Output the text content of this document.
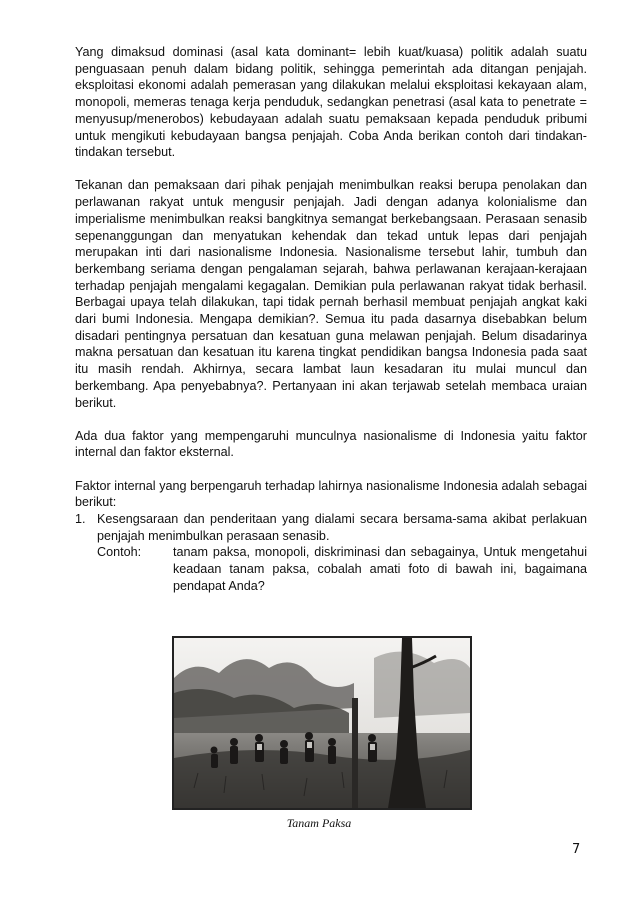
Yang dimaksud dominasi (asal kata dominant= lebih kuat/kuasa) politik adalah suatu penguasaan penuh dalam bidang politik, sehingga pemerintah ada ditangan penjajah. eksploitasi ekonomi adalah pemerasan yang dilakukan melalui eksploitasi kekayaan alam, monopoli, memeras tenaga kerja penduduk, sedangkan penetrasi (asal kata to penetrate = menyusup/menerobos) kebudayaan adalah suatu pemaksaan kepada penduduk pribumi untuk mengikuti kebudayaan bangsa penjajah. Coba Anda berikan contoh dari tindakan-tindakan tersebut.

Tekanan dan pemaksaan dari pihak penjajah menimbulkan reaksi berupa penolakan dan perlawanan rakyat untuk mengusir penjajah. Jadi dengan adanya kolonialisme dan imperialisme menimbulkan reaksi bangkitnya semangat berkebangsaan. Perasaan senasib sepenanggungan dan menyatukan kehendak dan tekad untuk lepas dari penjajah merupakan inti dari nasionalisme Indonesia. Nasionalisme tersebut lahir, tumbuh dan berkembang seriama dengan pengalaman sejarah, bahwa perlawanan kerajaan-kerajaan terhadap penjajah mengalami kegagalan. Demikian pula perlawanan rakyat tidak berhasil. Berbagai upaya telah dilakukan, tapi tidak pernah berhasil membuat penjajah angkat kaki dari bumi Indonesia. Mengapa demikian?. Semua itu pada dasarnya disebabkan belum disadari pentingnya persatuan dan kesatuan guna melawan penjajah. Belum disadarinya makna persatuan dan kesatuan itu karena tingkat pendidikan bangsa Indonesia pada saat itu masih rendah. Akhirnya, secara lambat laun kesadaran itu mulai muncul dan berkembang. Apa penyebabnya?. Pertanyaan ini akan terjawab setelah membaca uraian berikut.

Ada dua faktor yang mempengaruhi munculnya nasionalisme di Indonesia yaitu faktor internal dan faktor eksternal.

Faktor internal yang berpengaruh terhadap lahirnya nasionalisme Indonesia adalah sebagai berikut:

1. Kesengsaraan dan penderitaan yang dialami secara bersama-sama akibat perlakuan penjajah menimbulkan perasaan senasib.

Contoh:	tanam paksa, monopoli, diskriminasi dan sebagainya, Untuk mengetahui keadaan tanam paksa, cobalah amati foto di bawah ini, bagaimana pendapat Anda?

Tanam Paksa
7
